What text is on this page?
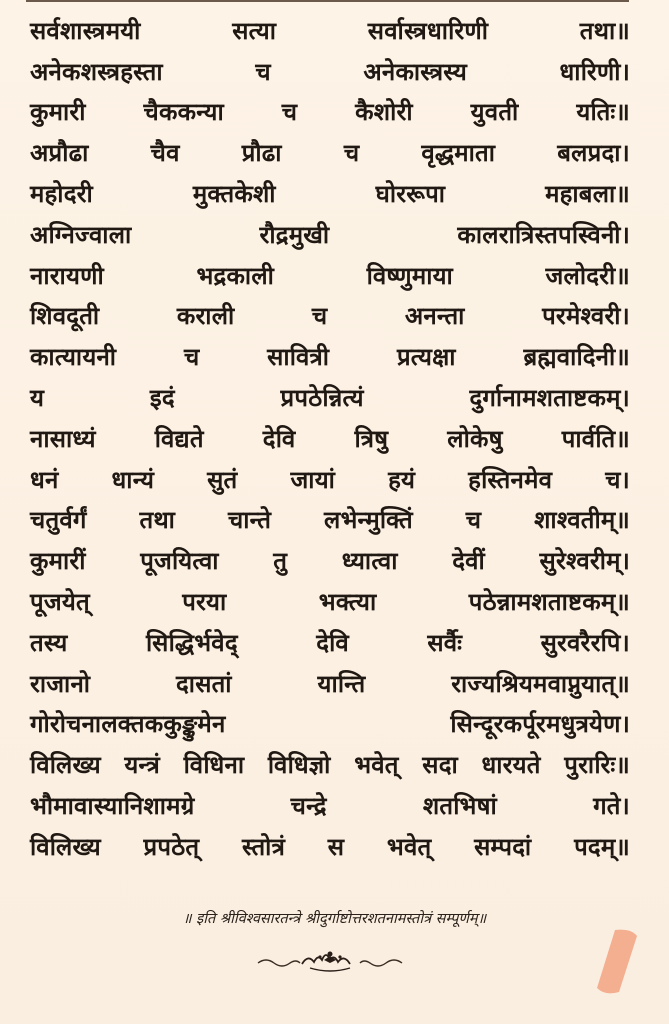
सर्वशास्त्रमयी	सत्या	सर्वास्त्रधारिणी	तथा॥
अनेकशस्त्रहस्ता	च	अनेकास्त्रस्य	धारिणी।
कुमारी चैककन्या च कैशोरी युवती यतिः॥
अप्रौढा	चैव	प्रौढा	च	वृद्धमाता	बलप्रदा।
महोदरी	मुक्तकेशी	घोररूपा	महाबला॥
अग्निज्वाला	रौद्रमुखी	कालरात्रिस्तपस्विनी।
नारायणी	भद्रकाली	विष्णुमाया	जलोदरी॥
शिवदूती	कराली	च	अनन्ता	परमेश्वरी।
कात्यायनी	च	सावित्री	प्रत्यक्षा	ब्रह्मवादिनी॥
य	इदं	प्रपठेन्नित्यं	दुर्गानामशताष्टकम्।
नासाध्यं विद्यते देवि त्रिषु लोकेषु पार्वति॥
धनं धान्यं सुतं जायां हयं हस्तिनमेव च।
चतुर्वर्गं तथा चान्ते लभेन्मुक्तिं च शाश्वतीम्॥
कुमारीं पूजयित्वा तु ध्यात्वा देवीं सुरेश्वरीम्।
पूजयेत्	परया	भक्त्या	पठेन्नामशताष्टकम्॥
तस्य	सिद्धिर्भवेद्	देवि	सर्वैः	सुरवरैरपि।
राजानो	दासतां	यान्ति	राज्यश्रियमवाप्नुयात्॥
गोरोचनालक्तककुङ्कुमेन	सिन्दूरकर्पूरमधुत्रयेण।
विलिख्य यन्त्रं विधिना विधिज्ञो भवेत् सदा धारयते पुरारिः॥
भौमावास्यानिशामग्रे	चन्द्रे	शतभिषां	गते।
विलिख्य प्रपठेत् स्तोत्रं स भवेत् सम्पदां पदम्॥
॥ इति श्रीविश्वसारतन्त्रे श्रीदुर्गाष्टोत्तरशतनामस्तोत्रं सम्पूर्णम्॥
